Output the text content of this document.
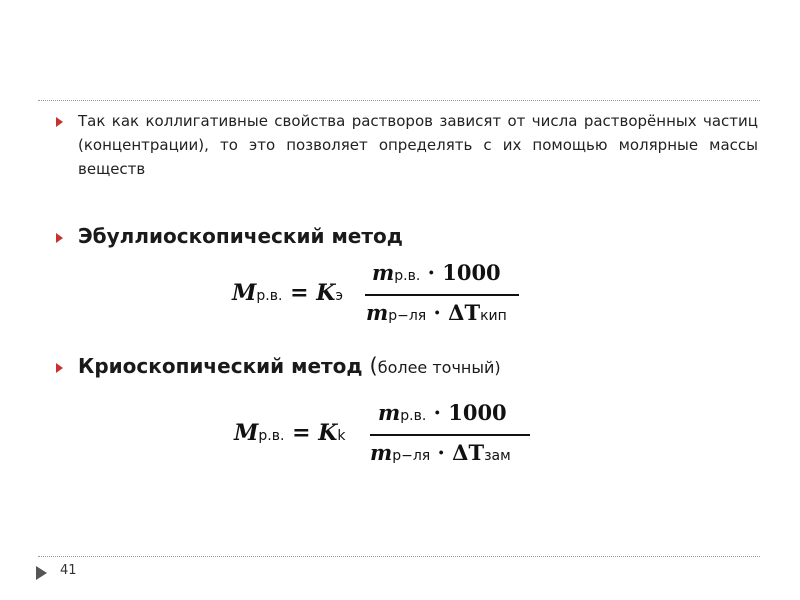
Так как коллигативные свойства растворов зависят от числа растворённых частиц (концентрации), то это позволяет определять с их помощью молярные массы веществ
Эбуллиоскопический метод
Mр.в. = Kэ
mр.в. · 1000
mр−ля · ΔTкип
Криоскопический метод (более точный)
Mр.в. = Kk
mр.в. · 1000
mр−ля · ΔTзам
41
